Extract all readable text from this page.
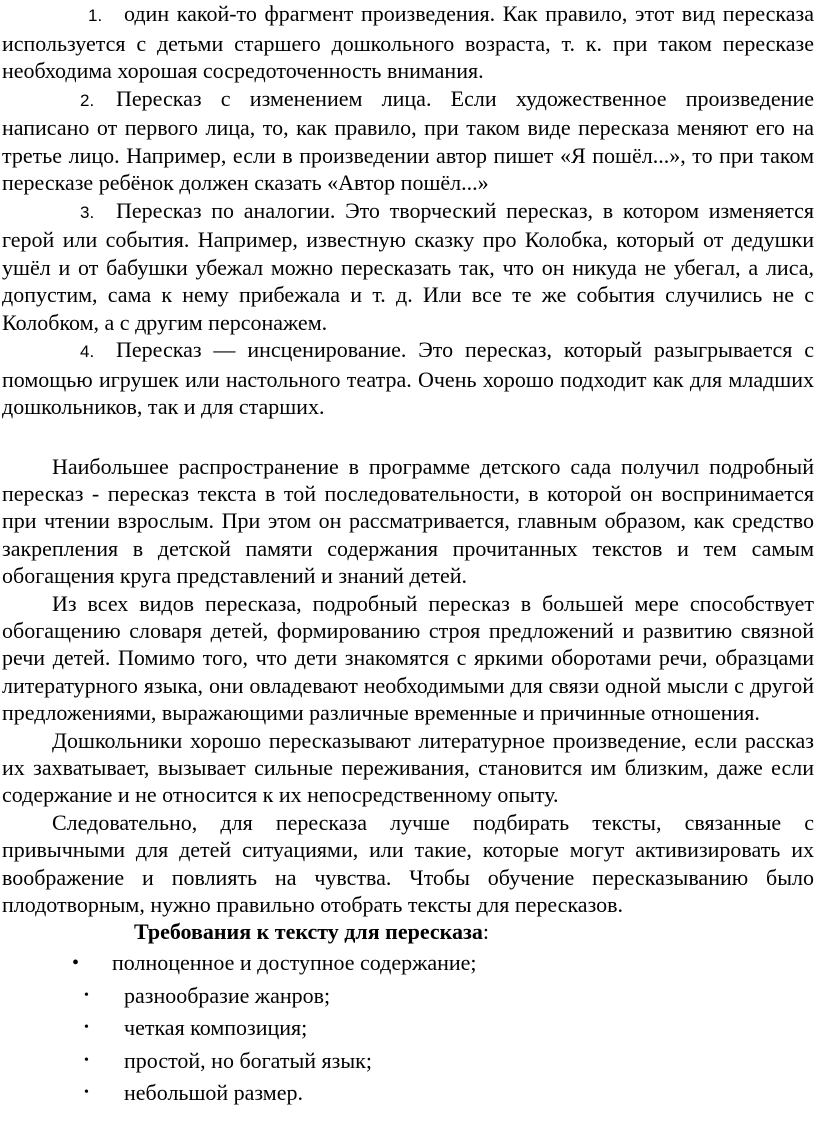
1. один какой-то фрагмент произведения. Как правило, этот вид пересказа используется с детьми старшего дошкольного возраста, т. к. при таком пересказе необходима хорошая сосредоточенность внимания.

2. Пересказ с изменением лица. Если художественное произведение написано от первого лица, то, как правило, при таком виде пересказа меняют его на третье лицо. Например, если в произведении автор пишет «Я пошёл...», то при таком пересказе ребёнок должен сказать «Автор пошёл...»

3. Пересказ по аналогии. Это творческий пересказ, в котором изменяется герой или события. Например, известную сказку про Колобка, который от дедушки ушёл и от бабушки убежал можно пересказать так, что он никуда не убегал, а лиса, допустим, сама к нему прибежала и т. д. Или все те же события случились не с Колобком, а с другим персонажем.

4. Пересказ — инсценирование. Это пересказ, который разыгрывается с помощью игрушек или настольного театра. Очень хорошо подходит как для младших дошкольников, так и для старших.

Наибольшее распространение в программе детского сада получил подробный пересказ - пересказ текста в той последовательности, в которой он воспринимается при чтении взрослым. При этом он рассматривается, главным образом, как средство закрепления в детской памяти содержания прочитанных текстов и тем самым обогащения круга представлений и знаний детей.

Из всех видов пересказа, подробный пересказ в большей мере способствует обогащению словаря детей, формированию строя предложений и развитию связной речи детей. Помимо того, что дети знакомятся с яркими оборотами речи, образцами литературного языка, они овладевают необходимыми для связи одной мысли с другой предложениями, выражающими различные временные и причинные отношения.

Дошкольники хорошо пересказывают литературное произведение, если рассказ их захватывает, вызывает сильные переживания, становится им близким, даже если содержание и не относится к их непосредственному опыту.

Следовательно, для пересказа лучше подбирать тексты, связанные с привычными для детей ситуациями, или такие, которые могут активизировать их воображение и повлиять на чувства. Чтобы обучение пересказыванию было плодотворным, нужно правильно отобрать тексты для пересказов.

Требования к тексту для пересказа:

• полноценное и доступное содержание;
• разнообразие жанров;
• четкая композиция;
• простой, но богатый язык;
• небольшой размер.
